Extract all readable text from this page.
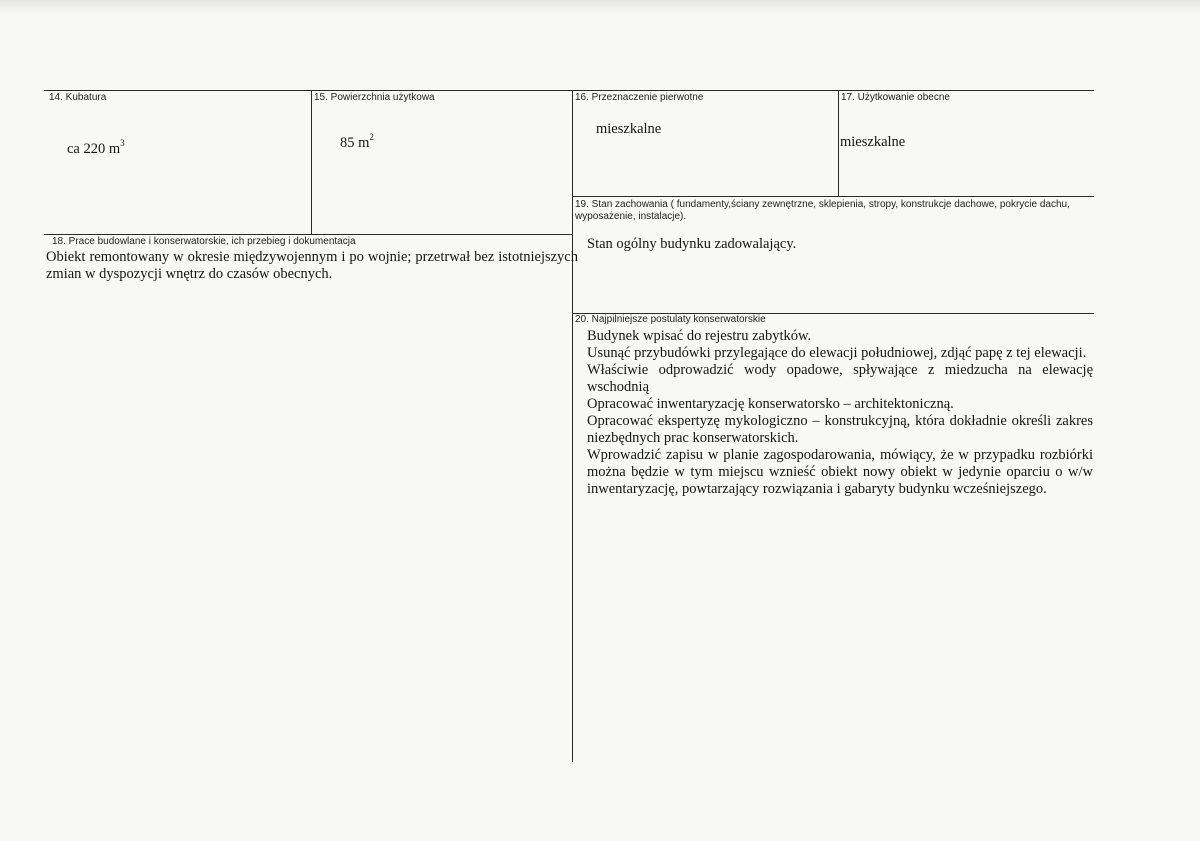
14. Kubatura
ca 220 $m^3$
15. Powierzchnia użytkowa
85 $m^2$
16. Przeznaczenie pierwotne
mieszkalne
17. Użytkowanie obecne
mieszkalne
19. Stan zachowania ( fundamenty,ściany zewnętrzne, sklepienia, stropy, konstrukcje dachowe, pokrycie dachu, wyposażenie, instalacje).
Stan ogólny budynku zadowalający.
18. Prace budowlane i konserwatorskie, ich przebieg i dokumentacja
Obiekt remontowany w okresie międzywojennym i po wojnie; przetrwał bez istotniejszych zmian w dyspozycji wnętrz do czasów obecnych.
20. Najpilniejsze postulaty konserwatorskie
Budynek wpisać do rejestru zabytków.
Usunąć przybudówki przylegające do elewacji południowej, zdjąć papę z tej elewacji.
Właściwie odprowadzić wody opadowe, spływające z miedzucha na elewację wschodnią
Opracować inwentaryzację konserwatorsko – architektoniczną.
Opracować ekspertyzę mykologiczno – konstrukcyjną, która dokładnie określi zakres niezbędnych prac konserwatorskich.
Wprowadzić zapisu w planie zagospodarowania, mówiący, że w przypadku rozbiórki można będzie w tym miejscu wznieść obiekt nowy obiekt w jedynie oparciu o w/w inwentaryzację, powtarzający rozwiązania i gabaryty budynku wcześniejszego.
